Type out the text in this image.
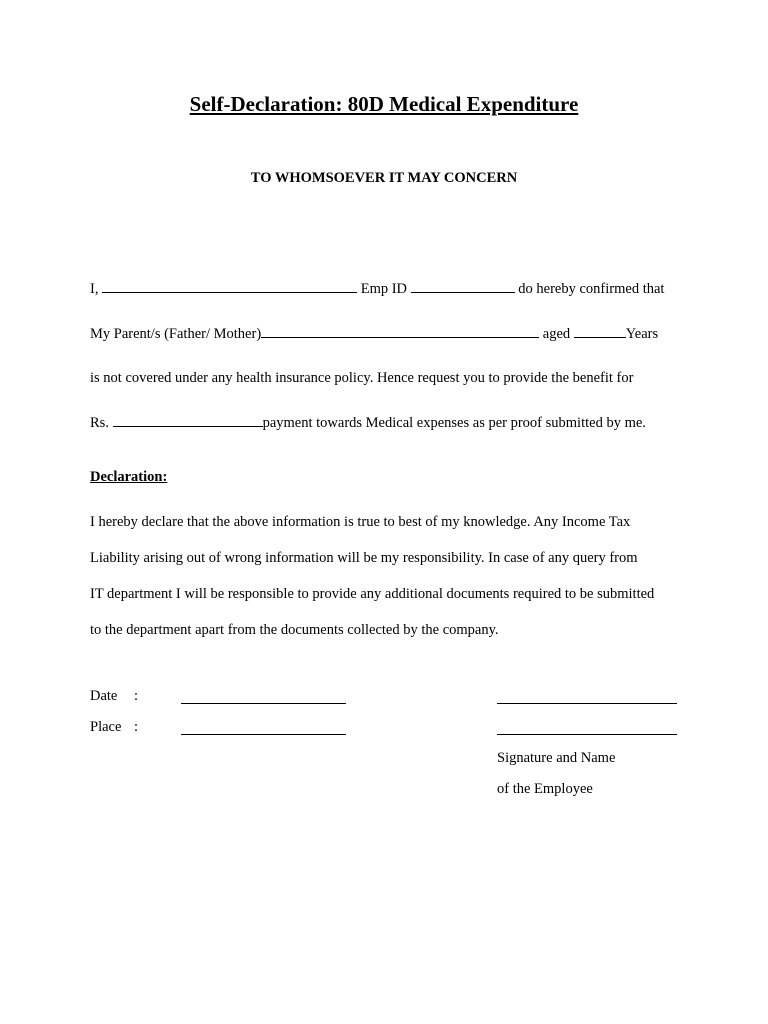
Self-Declaration: 80D Medical Expenditure
TO WHOMSOEVER IT MAY CONCERN
I,	Emp ID	do hereby confirmed that
My Parent/s (Father/ Mother)	aged	Years
is not covered under any health insurance policy. Hence request you to provide the benefit for
Rs.	payment towards Medical expenses as per proof submitted by me.
Declaration:
I hereby declare that the above information is true to best of my knowledge. Any Income Tax
Liability arising out of wrong information will be my responsibility. In case of any query from
IT department I will be responsible to provide any additional documents required to be submitted
to the department apart from the documents collected by the company.
Date :
Place :
Signature and Name
of the Employee
